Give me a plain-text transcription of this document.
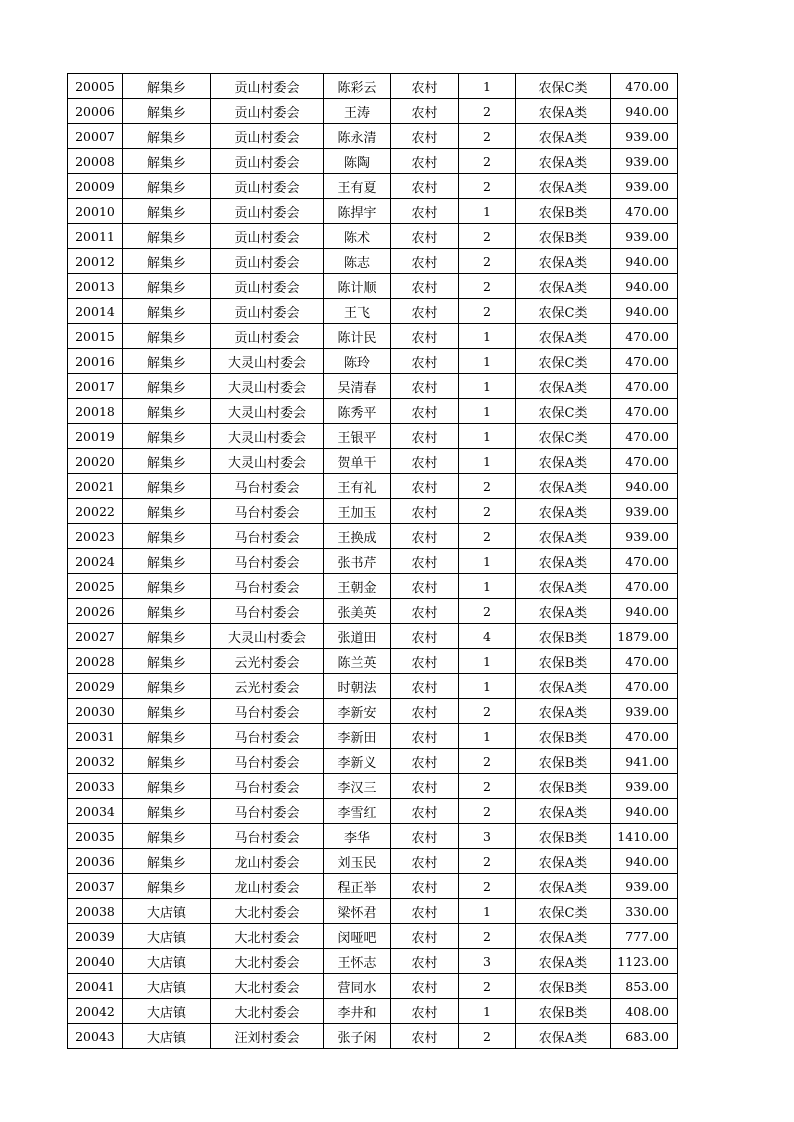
20005	解集乡	贡山村委会	陈彩云	农村	1	农保C类	470.00
20006	解集乡	贡山村委会	王涛	农村	2	农保A类	940.00
20007	解集乡	贡山村委会	陈永清	农村	2	农保A类	939.00
20008	解集乡	贡山村委会	陈陶	农村	2	农保A类	939.00
20009	解集乡	贡山村委会	王有夏	农村	2	农保A类	939.00
20010	解集乡	贡山村委会	陈捍宇	农村	1	农保B类	470.00
20011	解集乡	贡山村委会	陈术	农村	2	农保B类	939.00
20012	解集乡	贡山村委会	陈志	农村	2	农保A类	940.00
20013	解集乡	贡山村委会	陈计顺	农村	2	农保A类	940.00
20014	解集乡	贡山村委会	王飞	农村	2	农保C类	940.00
20015	解集乡	贡山村委会	陈计民	农村	1	农保A类	470.00
20016	解集乡	大灵山村委会	陈玲	农村	1	农保C类	470.00
20017	解集乡	大灵山村委会	吴清春	农村	1	农保A类	470.00
20018	解集乡	大灵山村委会	陈秀平	农村	1	农保C类	470.00
20019	解集乡	大灵山村委会	王银平	农村	1	农保C类	470.00
20020	解集乡	大灵山村委会	贺单干	农村	1	农保A类	470.00
20021	解集乡	马台村委会	王有礼	农村	2	农保A类	940.00
20022	解集乡	马台村委会	王加玉	农村	2	农保A类	939.00
20023	解集乡	马台村委会	王换成	农村	2	农保A类	939.00
20024	解集乡	马台村委会	张书芹	农村	1	农保A类	470.00
20025	解集乡	马台村委会	王朝金	农村	1	农保A类	470.00
20026	解集乡	马台村委会	张美英	农村	2	农保A类	940.00
20027	解集乡	大灵山村委会	张道田	农村	4	农保B类	1879.00
20028	解集乡	云光村委会	陈兰英	农村	1	农保B类	470.00
20029	解集乡	云光村委会	时朝法	农村	1	农保A类	470.00
20030	解集乡	马台村委会	李新安	农村	2	农保A类	939.00
20031	解集乡	马台村委会	李新田	农村	1	农保B类	470.00
20032	解集乡	马台村委会	李新义	农村	2	农保B类	941.00
20033	解集乡	马台村委会	李汉三	农村	2	农保B类	939.00
20034	解集乡	马台村委会	李雪红	农村	2	农保A类	940.00
20035	解集乡	马台村委会	李华	农村	3	农保B类	1410.00
20036	解集乡	龙山村委会	刘玉民	农村	2	农保A类	940.00
20037	解集乡	龙山村委会	程正举	农村	2	农保A类	939.00
20038	大店镇	大北村委会	梁怀君	农村	1	农保C类	330.00
20039	大店镇	大北村委会	闵哑吧	农村	2	农保A类	777.00
20040	大店镇	大北村委会	王怀志	农村	3	农保A类	1123.00
20041	大店镇	大北村委会	营同水	农村	2	农保B类	853.00
20042	大店镇	大北村委会	李井和	农村	1	农保B类	408.00
20043	大店镇	汪刘村委会	张子闲	农村	2	农保A类	683.00
